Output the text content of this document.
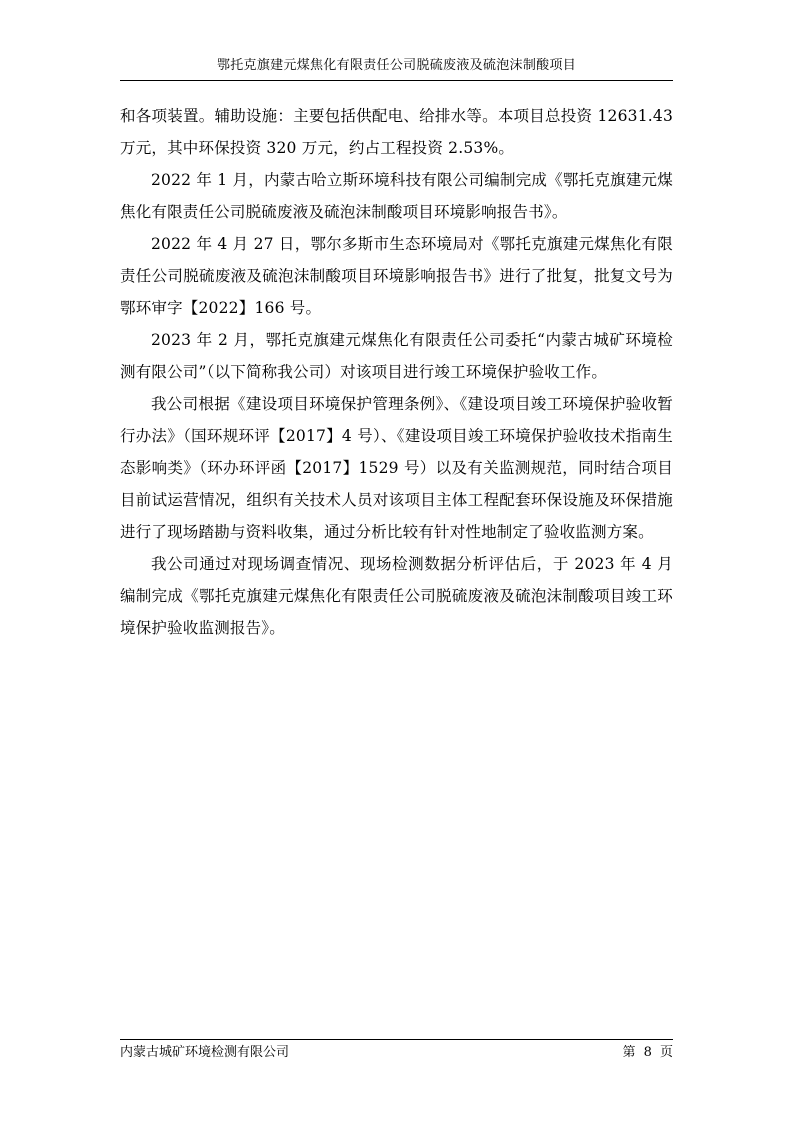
鄂托克旗建元煤焦化有限责任公司脱硫废液及硫泡沫制酸项目

和各项装置。辅助设施：主要包括供配电、给排水等。本项目总投资 12631.43 万元，其中环保投资 320 万元，约占工程投资 2.53%。

2022 年 1 月，内蒙古哈立斯环境科技有限公司编制完成《鄂托克旗建元煤焦化有限责任公司脱硫废液及硫泡沫制酸项目环境影响报告书》。

2022 年 4 月 27 日，鄂尔多斯市生态环境局对《鄂托克旗建元煤焦化有限责任公司脱硫废液及硫泡沫制酸项目环境影响报告书》进行了批复，批复文号为鄂环审字【2022】166 号。

2023 年 2 月，鄂托克旗建元煤焦化有限责任公司委托“内蒙古城矿环境检测有限公司”（以下简称我公司）对该项目进行竣工环境保护验收工作。

我公司根据《建设项目环境保护管理条例》、《建设项目竣工环境保护验收暂行办法》（国环规环评【2017】4 号）、《建设项目竣工环境保护验收技术指南生态影响类》（环办环评函【2017】1529 号）以及有关监测规范，同时结合项目目前试运营情况，组织有关技术人员对该项目主体工程配套环保设施及环保措施进行了现场踏勘与资料收集，通过分析比较有针对性地制定了验收监测方案。

我公司通过对现场调查情况、现场检测数据分析评估后，于 2023 年 4 月编制完成《鄂托克旗建元煤焦化有限责任公司脱硫废液及硫泡沫制酸项目竣工环境保护验收监测报告》。

内蒙古城矿环境检测有限公司	第 8 页
